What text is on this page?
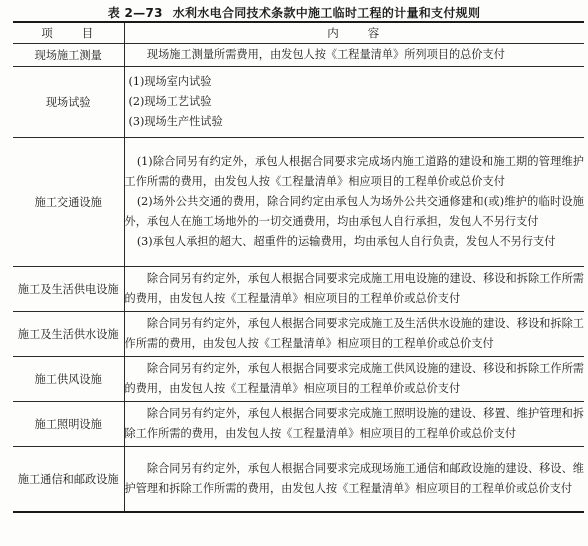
表 2—73 水利水电合同技术条款中施工临时工程的计量和支付规则
项　　目	内　　容
现场施工测量	现场施工测量所需费用，由发包人按《工程量清单》所列项目的总价支付

现场试验	(1)现场室内试验
(2)现场工艺试验
(3)现场生产性试验

施工交通设施	(1)除合同另有约定外，承包人根据合同要求完成场内施工道路的建设和施工期的管理维护工作所需的费用，由发包人按《工程量清单》相应项目的工程单价或总价支付

(2)场外公共交通的费用，除合同约定由承包人为场外公共交通修建和(或)维护的临时设施外，承包人在施工场地外的一切交通费用，均由承包人自行承担，发包人不另行支付

(3)承包人承担的超大、超重件的运输费用，均由承包人自行负责，发包人不另行支付

施工及生活供电设施	除合同另有约定外，承包人根据合同要求完成施工用电设施的建设、移设和拆除工作所需的费用，由发包人按《工程量清单》相应项目的工程单价或总价支付

施工及生活供水设施	除合同另有约定外，承包人根据合同要求完成施工及生活供水设施的建设、移设和拆除工作所需的费用，由发包人按《工程量清单》相应项目的工程单价或总价支付

施工供风设施	除合同另有约定外，承包人根据合同要求完成施工供风设施的建设、移设和拆除工作所需的费用，由发包人按《工程量清单》相应项目的工程单价或总价支付

施工照明设施	除合同另有约定外，承包人根据合同要求完成施工照明设施的建设、移置、维护管理和拆除工作所需的费用，由发包人按《工程量清单》相应项目的工程单价或总价支付

施工通信和邮政设施	除合同另有约定外，承包人根据合同要求完成现场施工通信和邮政设施的建设、移设、维护管理和拆除工作所需的费用，由发包人按《工程量清单》相应项目的工程单价或总价支付
